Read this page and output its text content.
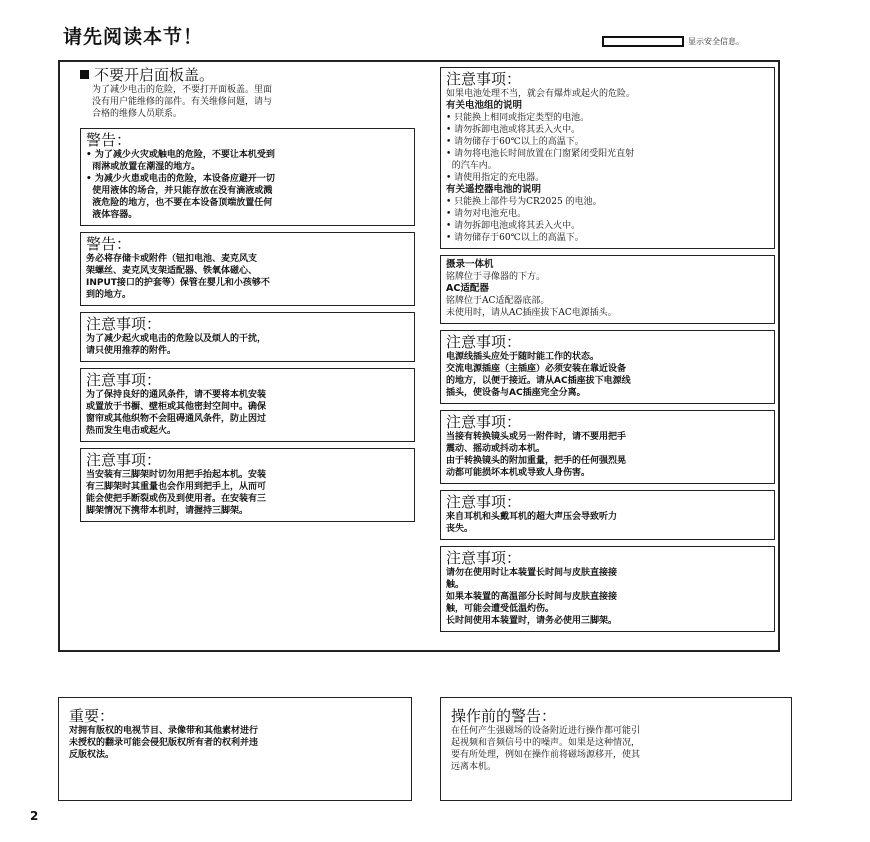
请先阅读本节！	显示安全信息。
不要开启面板盖。
为了减少电击的危险，不要打开面板盖。里面
没有用户能维修的部件。有关维修问题，请与
合格的维修人员联系。
警告：
• 为了减少火灾或触电的危险，不要让本机受到
雨淋或放置在潮湿的地方。
• 为减少火患或电击的危险，本设备应避开一切
使用液体的场合，并只能存放在没有滴液或溅
液危险的地方，也不要在本设备顶端放置任何
液体容器。
警告：
务必将存储卡或附件（钮扣电池、麦克风支
架螺丝、麦克风支架适配器、铁氧体磁心、
INPUT接口的护套等）保管在婴儿和小孩够不
到的地方。
注意事项：
为了减少起火或电击的危险以及烦人的干扰，
请只使用推荐的附件。
注意事项：
为了保持良好的通风条件，请不要将本机安装
或置放于书橱、壁柜或其他密封空间中。确保
窗帘或其他织物不会阻碍通风条件，防止因过
热而发生电击或起火。
注意事项：
当安装有三脚架时切勿用把手抬起本机。安装
有三脚架时其重量也会作用到把手上，从而可
能会使把手断裂或伤及到使用者。在安装有三
脚架情况下携带本机时，请握持三脚架。
注意事项：
如果电池处理不当，就会有爆炸或起火的危险。
有关电池组的说明
• 只能换上相同或指定类型的电池。
• 请勿拆卸电池或将其丢入火中。
• 请勿储存于60℃以上的高温下。
• 请勿将电池长时间放置在门窗紧闭受阳光直射
的汽车内。
• 请使用指定的充电器。
有关遥控器电池的说明
• 只能换上部件号为CR2025 的电池。
• 请勿对电池充电。
• 请勿拆卸电池或将其丢入火中。
• 请勿储存于60℃以上的高温下。
摄录一体机
铭牌位于寻像器的下方。
AC适配器
铭牌位于AC适配器底部。
未使用时，请从AC插座拔下AC电源插头。
注意事项：
电源线插头应处于随时能工作的状态。
交流电源插座（主插座）必须安装在靠近设备
的地方，以便于接近。请从AC插座拔下电源线
插头，使设备与AC插座完全分离。
注意事项：
当接有转换镜头或另一附件时，请不要用把手
震动、摇动或抖动本机。
由于转换镜头的附加重量，把手的任何强烈晃
动都可能损坏本机或导致人身伤害。
注意事项：
来自耳机和头戴耳机的超大声压会导致听力
丧失。
注意事项：
请勿在使用时让本装置长时间与皮肤直接接
触。
如果本装置的高温部分长时间与皮肤直接接
触，可能会遭受低温灼伤。
长时间使用本装置时，请务必使用三脚架。
重要：
对拥有版权的电视节目、录像带和其他素材进行
未授权的翻录可能会侵犯版权所有者的权利并违
反版权法。
操作前的警告：
在任何产生强磁场的设备附近进行操作都可能引
起视频和音频信号中的噪声。如果是这种情况，
要有所处理，例如在操作前将磁场源移开，使其
远离本机。
2
